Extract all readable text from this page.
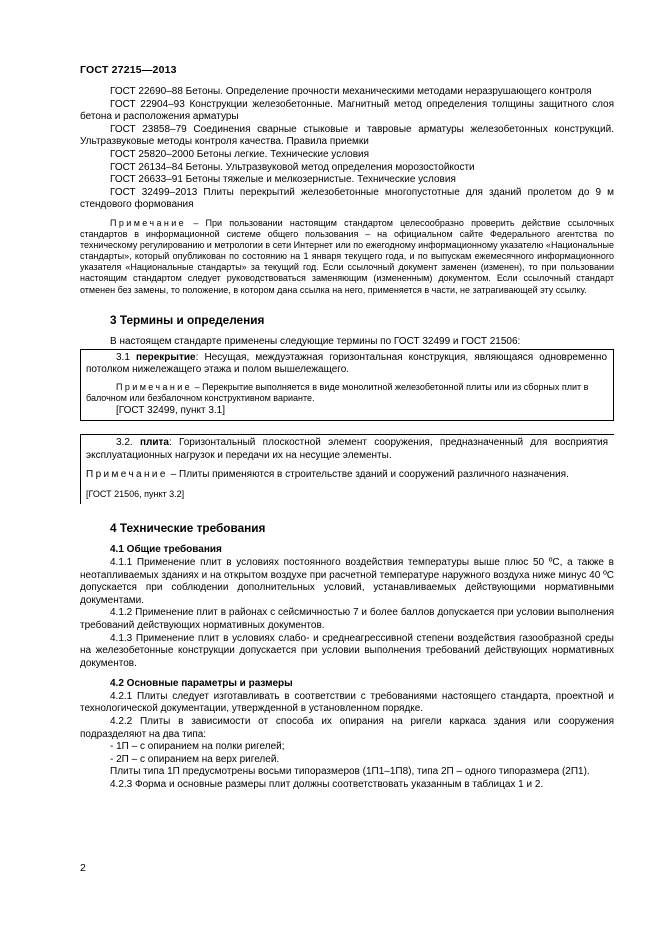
ГОСТ 27215—2013

ГОСТ 22690–88 Бетоны. Определение прочности механическими методами неразрушающего контроля

ГОСТ 22904–93 Конструкции железобетонные. Магнитный метод определения толщины защитного слоя бетона и расположения арматуры

ГОСТ 23858–79 Соединения сварные стыковые и тавровые арматуры железобетонных конструкций. Ультразвуковые методы контроля качества. Правила приемки

ГОСТ 25820–2000 Бетоны легкие. Технические условия

ГОСТ 26134–84 Бетоны. Ультразвуковой метод определения морозостойкости

ГОСТ 26633–91 Бетоны тяжелые и мелкозернистые. Технические условия

ГОСТ 32499–2013 Плиты перекрытий железобетонные многопустотные для зданий пролетом до 9 м стендового формования

Примечание – При пользовании настоящим стандартом целесообразно проверить действие ссылочных стандартов в информационной системе общего пользования – на официальном сайте Федерального агентства по техническому регулированию и метрологии в сети Интернет или по ежегодному информационному указателю «Национальные стандарты», который опубликован по состоянию на 1 января текущего года, и по выпускам ежемесячного информационного указателя «Национальные стандарты» за текущий год. Если ссылочный документ заменен (изменен), то при пользовании настоящим стандартом следует руководствоваться заменяющим (измененным) документом. Если ссылочный стандарт отменен без замены, то положение, в котором дана ссылка на него, применяется в части, не затрагивающей эту ссылку.

3 Термины и определения

В настоящем стандарте применены следующие термины по ГОСТ 32499 и ГОСТ 21506:

3.1 перекрытие: Несущая, междуэтажная горизонтальная конструкция, являющаяся одновременно потолком нижележащего этажа и полом вышележащего.

Примечание – Перекрытие выполняется в виде монолитной железобетонной плиты или из сборных плит в балочном или безбалочном конструктивном варианте.

[ГОСТ 32499, пункт 3.1]

3.2. плита: Горизонтальный плоскостной элемент сооружения, предназначенный для восприятия эксплуатационных нагрузок и передачи их на несущие элементы.

Примечание – Плиты применяются в строительстве зданий и сооружений различного назначения.

[ГОСТ 21506, пункт 3.2]

4 Технические требования

4.1 Общие требования

4.1.1 Применение плит в условиях постоянного воздействия температуры выше плюс 50 ºС, а также в неотапливаемых зданиях и на открытом воздухе при расчетной температуре наружного воздуха ниже минус 40 ºС допускается при соблюдении дополнительных условий, устанавливаемых действующими нормативными документами.

4.1.2 Применение плит в районах с сейсмичностью 7 и более баллов допускается при условии выполнения требований действующих нормативных документов.

4.1.3 Применение плит в условиях слабо- и среднеагрессивной степени воздействия газообразной среды на железобетонные конструкции допускается при условии выполнения требований действующих нормативных документов.

4.2 Основные параметры и размеры

4.2.1 Плиты следует изготавливать в соответствии с требованиями настоящего стандарта, проектной и технологической документации, утвержденной в установленном порядке.

4.2.2 Плиты в зависимости от способа их опирания на ригели каркаса здания или сооружения подразделяют на два типа:

- 1П – с опиранием на полки ригелей;

- 2П – с опиранием на верх ригелей.

Плиты типа 1П предусмотрены восьми типоразмеров (1П1–1П8), типа 2П – одного типоразмера (2П1).

4.2.3 Форма и основные размеры плит должны соответствовать указанным в таблицах 1 и 2.

2
